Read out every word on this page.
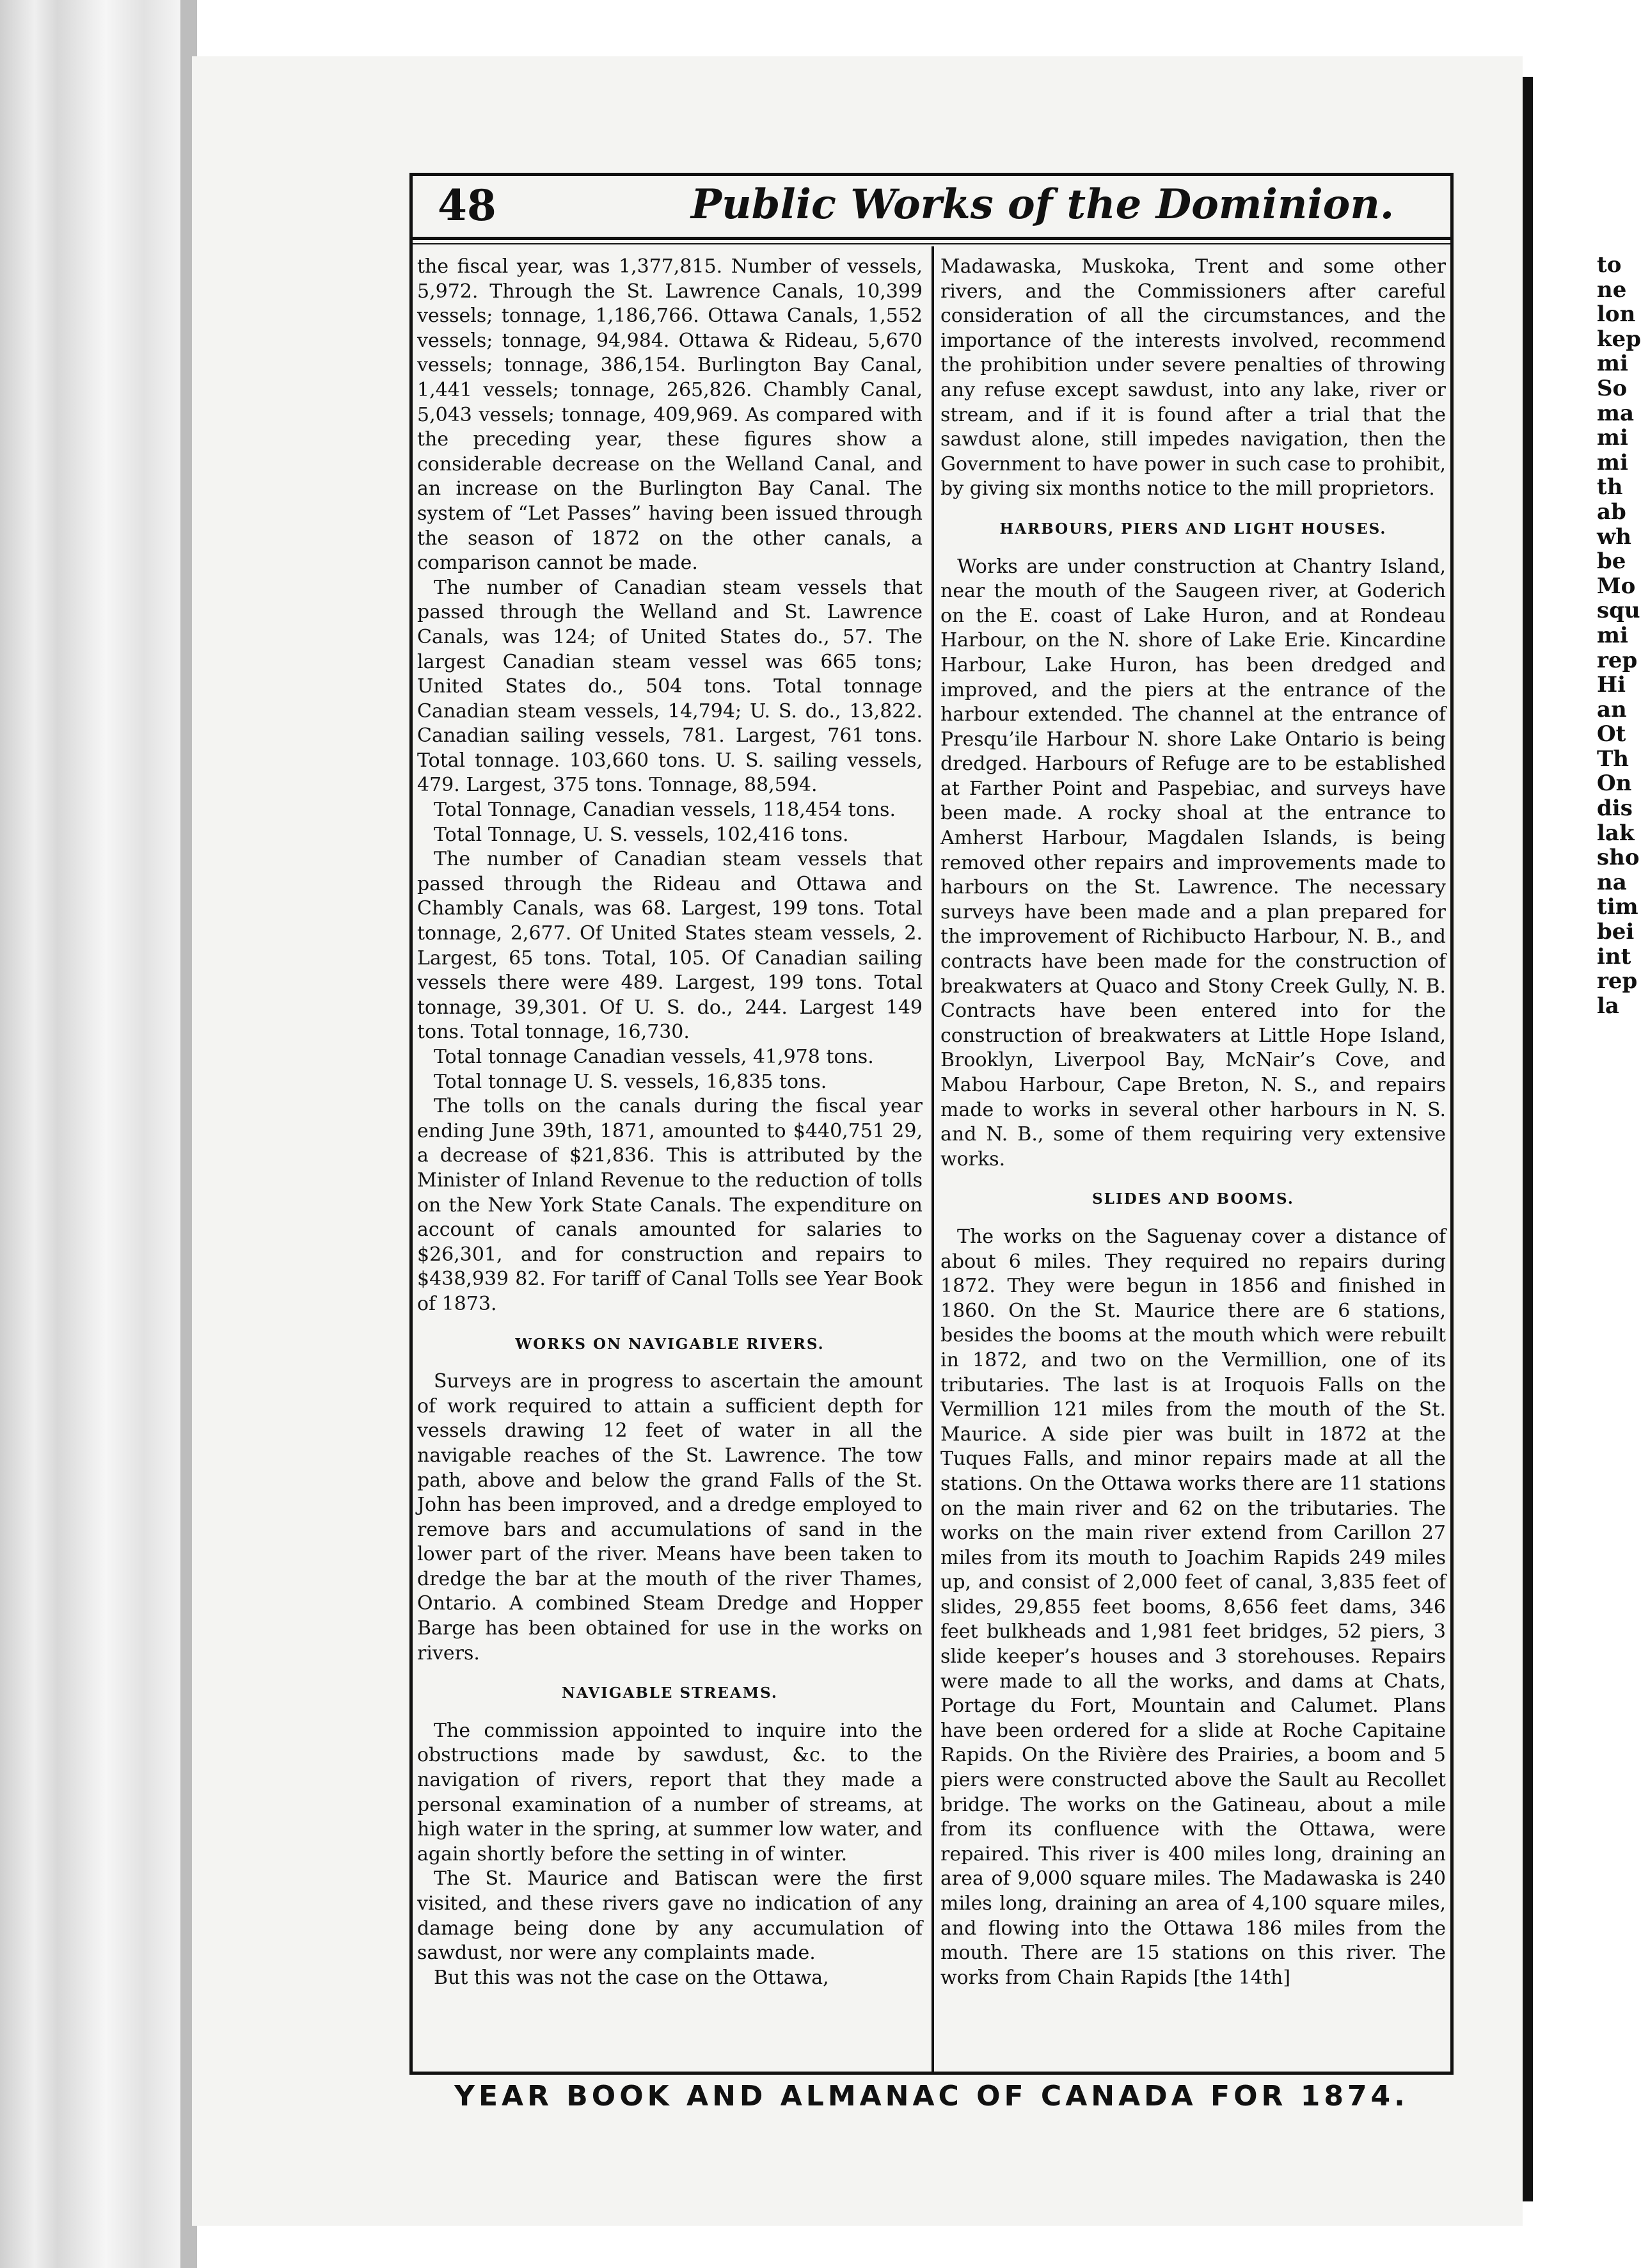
48	Public Works of the Dominion.

the fiscal year, was 1,377,815. Number of vessels, 5,972. Through the St. Lawrence Canals, 10,399 vessels; tonnage, 1,186,766. Ottawa Canals, 1,552 vessels; tonnage, 94,984. Ottawa & Rideau, 5,670 vessels; tonnage, 386,154. Burlington Bay Canal, 1,441 vessels; tonnage, 265,826. Chambly Canal, 5,043 vessels; tonnage, 409,969. As compared with the preceding year, these figures show a considerable decrease on the Welland Canal, and an increase on the Burlington Bay Canal. The system of “Let Passes” having been issued through the season of 1872 on the other canals, a comparison cannot be made.

The number of Canadian steam vessels that passed through the Welland and St. Lawrence Canals, was 124; of United States do., 57. The largest Canadian steam vessel was 665 tons; United States do., 504 tons. Total tonnage Canadian steam vessels, 14,794; U. S. do., 13,822. Canadian sailing vessels, 781. Largest, 761 tons. Total tonnage. 103,660 tons. U. S. sailing vessels, 479. Largest, 375 tons. Tonnage, 88,594.

Total Tonnage, Canadian vessels, 118,454 tons.

Total Tonnage, U. S. vessels, 102,416 tons.

The number of Canadian steam vessels that passed through the Rideau and Ottawa and Chambly Canals, was 68. Largest, 199 tons. Total tonnage, 2,677. Of United States steam vessels, 2. Largest, 65 tons. Total, 105. Of Canadian sailing vessels there were 489. Largest, 199 tons. Total tonnage, 39,301. Of U. S. do., 244. Largest 149 tons. Total tonnage, 16,730.

Total tonnage Canadian vessels, 41,978 tons.

Total tonnage U. S. vessels, 16,835 tons.

The tolls on the canals during the fiscal year ending June 39th, 1871, amounted to $440,751 29, a decrease of $21,836. This is attributed by the Minister of Inland Revenue to the reduction of tolls on the New York State Canals. The expenditure on account of canals amounted for salaries to $26,301, and for construction and repairs to $438,939 82. For tariff of Canal Tolls see Year Book of 1873.

WORKS ON NAVIGABLE RIVERS.

Surveys are in progress to ascertain the amount of work required to attain a sufficient depth for vessels drawing 12 feet of water in all the navigable reaches of the St. Lawrence. The tow path, above and below the grand Falls of the St. John has been improved, and a dredge employed to remove bars and accumulations of sand in the lower part of the river. Means have been taken to dredge the bar at the mouth of the river Thames, Ontario. A combined Steam Dredge and Hopper Barge has been obtained for use in the works on rivers.

NAVIGABLE STREAMS.

The commission appointed to inquire into the obstructions made by sawdust, &c. to the navigation of rivers, report that they made a personal examination of a number of streams, at high water in the spring, at summer low water, and again shortly before the setting in of winter.

The St. Maurice and Batiscan were the first visited, and these rivers gave no indication of any damage being done by any accumulation of sawdust, nor were any complaints made.

But this was not the case on the Ottawa,

Madawaska, Muskoka, Trent and some other rivers, and the Commissioners after careful consideration of all the circumstances, and the importance of the interests involved, recommend the prohibition under severe penalties of throwing any refuse except sawdust, into any lake, river or stream, and if it is found after a trial that the sawdust alone, still impedes navigation, then the Government to have power in such case to prohibit, by giving six months notice to the mill proprietors.

HARBOURS, PIERS AND LIGHT HOUSES.

Works are under construction at Chantry Island, near the mouth of the Saugeen river, at Goderich on the E. coast of Lake Huron, and at Rondeau Harbour, on the N. shore of Lake Erie. Kincardine Harbour, Lake Huron, has been dredged and improved, and the piers at the entrance of the harbour extended. The channel at the entrance of Presqu’ile Harbour N. shore Lake Ontario is being dredged. Harbours of Refuge are to be established at Farther Point and Paspebiac, and surveys have been made. A rocky shoal at the entrance to Amherst Harbour, Magdalen Islands, is being removed other repairs and improvements made to harbours on the St. Lawrence. The necessary surveys have been made and a plan prepared for the improvement of Richibucto Harbour, N. B., and contracts have been made for the construction of breakwaters at Quaco and Stony Creek Gully, N. B. Contracts have been entered into for the construction of breakwaters at Little Hope Island, Brooklyn, Liverpool Bay, McNair’s Cove, and Mabou Harbour, Cape Breton, N. S., and repairs made to works in several other harbours in N. S. and N. B., some of them requiring very extensive works.

SLIDES AND BOOMS.

The works on the Saguenay cover a distance of about 6 miles. They required no repairs during 1872. They were begun in 1856 and finished in 1860. On the St. Maurice there are 6 stations, besides the booms at the mouth which were rebuilt in 1872, and two on the Vermillion, one of its tributaries. The last is at Iroquois Falls on the Vermillion 121 miles from the mouth of the St. Maurice. A side pier was built in 1872 at the Tuques Falls, and minor repairs made at all the stations. On the Ottawa works there are 11 stations on the main river and 62 on the tributaries. The works on the main river extend from Carillon 27 miles from its mouth to Joachim Rapids 249 miles up, and consist of 2,000 feet of canal, 3,835 feet of slides, 29,855 feet booms, 8,656 feet dams, 346 feet bulkheads and 1,981 feet bridges, 52 piers, 3 slide keeper’s houses and 3 storehouses. Repairs were made to all the works, and dams at Chats, Portage du Fort, Mountain and Calumet. Plans have been ordered for a slide at Roche Capitaine Rapids. On the Rivière des Prairies, a boom and 5 piers were constructed above the Sault au Recollet bridge. The works on the Gatineau, about a mile from its confluence with the Ottawa, were repaired. This river is 400 miles long, draining an area of 9,000 square miles. The Madawaska is 240 miles long, draining an area of 4,100 square miles, and flowing into the Ottawa 186 miles from the mouth. There are 15 stations on this river. The works from Chain Rapids [the 14th]

YEAR BOOK AND ALMANAC OF CANADA FOR 1874.
to
ne
lon
kep
mi
So
ma
mi
mi
th
ab
wh
be
Mo
squ
mi
rep
Hi
an
Ot
Th
On
dis
lak
sho
na
tim
bei
int
rep
la
